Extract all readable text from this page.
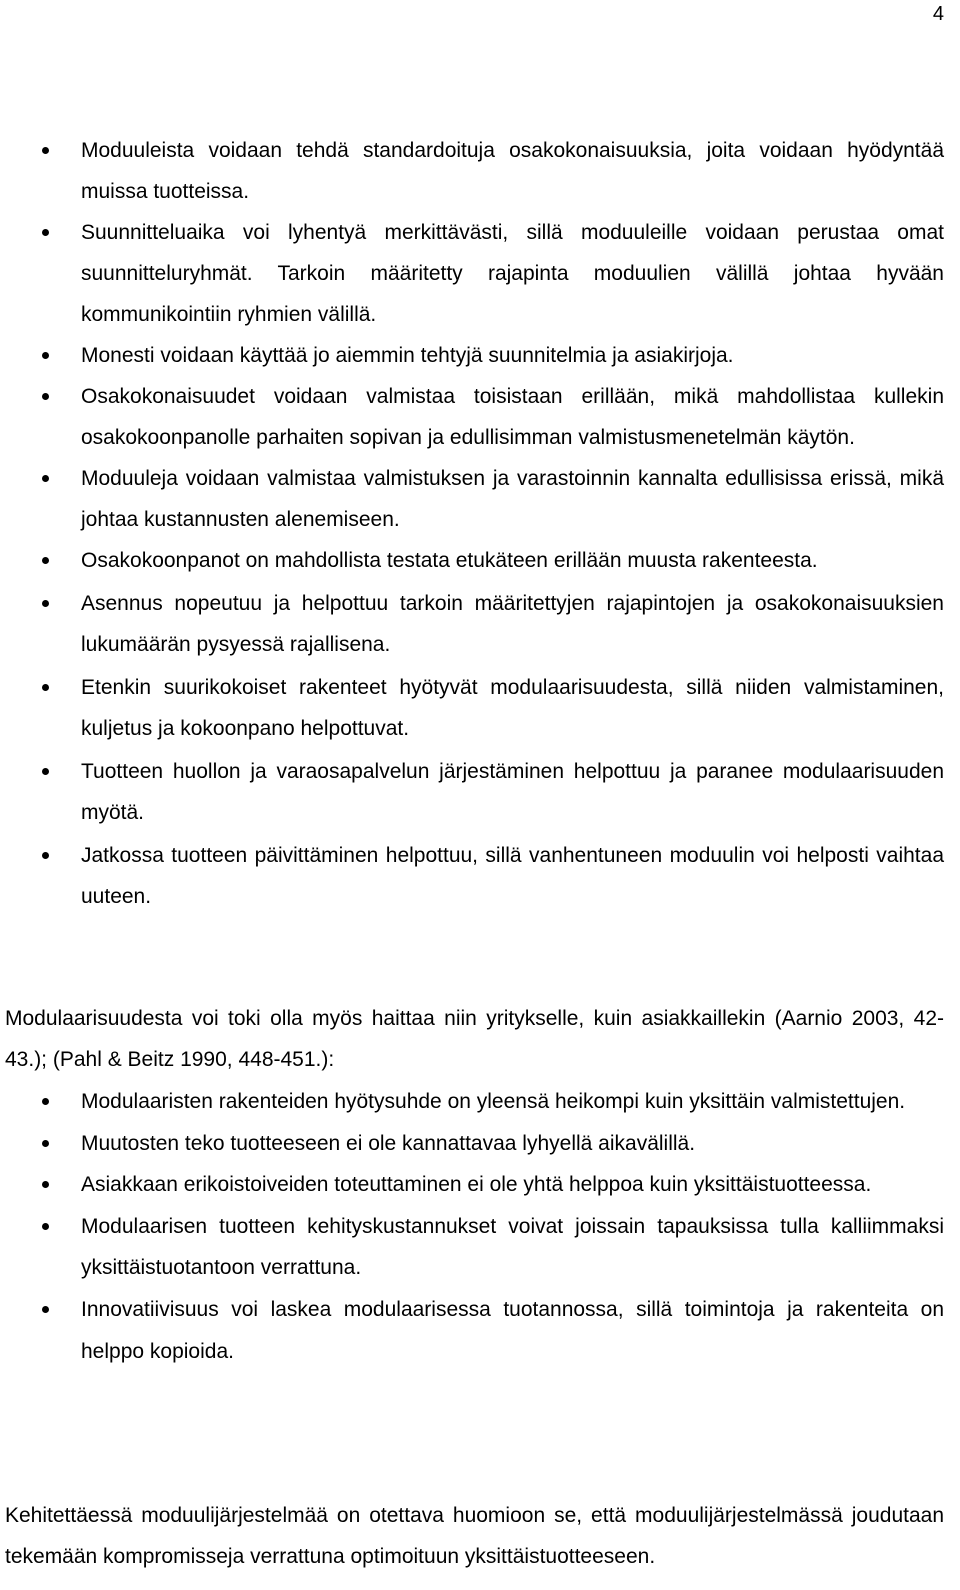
4
Moduuleista voidaan tehdä standardoituja osakokonaisuuksia, joita voidaan hyödyntää muissa tuotteissa.
Suunnitteluaika voi lyhentyä merkittävästi, sillä moduuleille voidaan perustaa omat suunnitteluryhmät. Tarkoin määritetty rajapinta moduulien välillä johtaa hyvään kommunikointiin ryhmien välillä.
Monesti voidaan käyttää jo aiemmin tehtyjä suunnitelmia ja asiakirjoja.
Osakokonaisuudet voidaan valmistaa toisistaan erillään, mikä mahdollistaa kullekin osakokoonpanolle parhaiten sopivan ja edullisimman valmistusmenetelmän käytön.
Moduuleja voidaan valmistaa valmistuksen ja varastoinnin kannalta edullisissa erissä, mikä johtaa kustannusten alenemiseen.
Osakokoonpanot on mahdollista testata etukäteen erillään muusta rakenteesta.
Asennus nopeutuu ja helpottuu tarkoin määritettyjen rajapintojen ja osakokonaisuuksien lukumäärän pysyessä rajallisena.
Etenkin suurikokoiset rakenteet hyötyvät modulaarisuudesta, sillä niiden valmistaminen, kuljetus ja kokoonpano helpottuvat.
Tuotteen huollon ja varaosapalvelun järjestäminen helpottuu ja paranee modulaarisuuden myötä.
Jatkossa tuotteen päivittäminen helpottuu, sillä vanhentuneen moduulin voi helposti vaihtaa uuteen.

Modulaarisuudesta voi toki olla myös haittaa niin yritykselle, kuin asiakkaillekin (Aarnio 2003, 42- 43.); (Pahl & Beitz 1990, 448-451.):

Modulaaristen rakenteiden hyötysuhde on yleensä heikompi kuin yksittäin valmistettujen.
Muutosten teko tuotteeseen ei ole kannattavaa lyhyellä aikavälillä.
Asiakkaan erikoistoiveiden toteuttaminen ei ole yhtä helppoa kuin yksittäistuotteessa.
Modulaarisen tuotteen kehityskustannukset voivat joissain tapauksissa tulla kalliimmaksi yksittäistuotantoon verrattuna.
Innovatiivisuus voi laskea modulaarisessa tuotannossa, sillä toimintoja ja rakenteita on helppo kopioida.

Kehitettäessä moduulijärjestelmää on otettava huomioon se, että moduulijärjestelmässä joudutaan tekemään kompromisseja verrattuna optimoituun yksittäistuotteeseen.
